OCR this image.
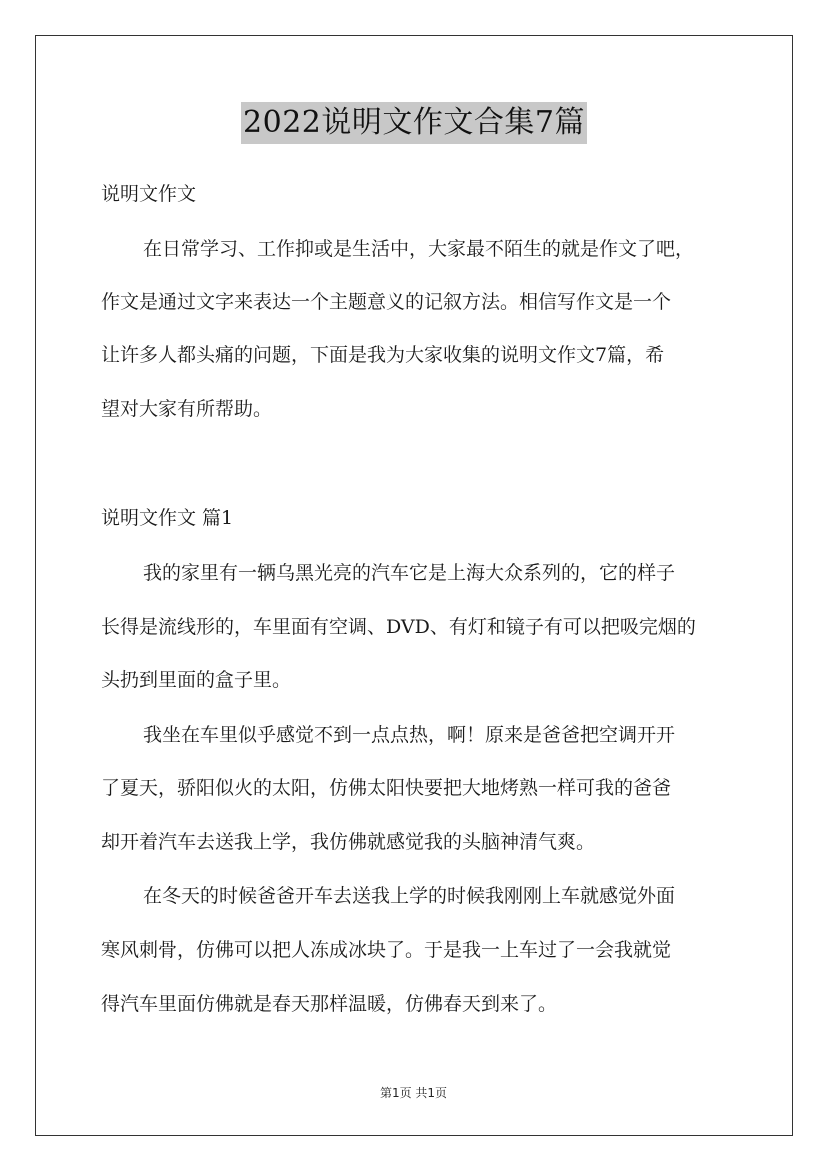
2022说明文作文合集7篇
说明文作文
在日常学习、工作抑或是生活中，大家最不陌生的就是作文了吧，
作文是通过文字来表达一个主题意义的记叙方法。相信写作文是一个
让许多人都头痛的问题，下面是我为大家收集的说明文作文7篇，希
望对大家有所帮助。
说明文作文 篇1
我的家里有一辆乌黑光亮的汽车它是上海大众系列的，它的样子
长得是流线形的，车里面有空调、DVD、有灯和镜子有可以把吸完烟的
头扔到里面的盒子里。
我坐在车里似乎感觉不到一点点热，啊！原来是爸爸把空调开开
了夏天，骄阳似火的太阳，仿佛太阳快要把大地烤熟一样可我的爸爸
却开着汽车去送我上学，我仿佛就感觉我的头脑神清气爽。
在冬天的时候爸爸开车去送我上学的时候我刚刚上车就感觉外面
寒风刺骨，仿佛可以把人冻成冰块了。于是我一上车过了一会我就觉
得汽车里面仿佛就是春天那样温暖，仿佛春天到来了。
第1页 共1页
